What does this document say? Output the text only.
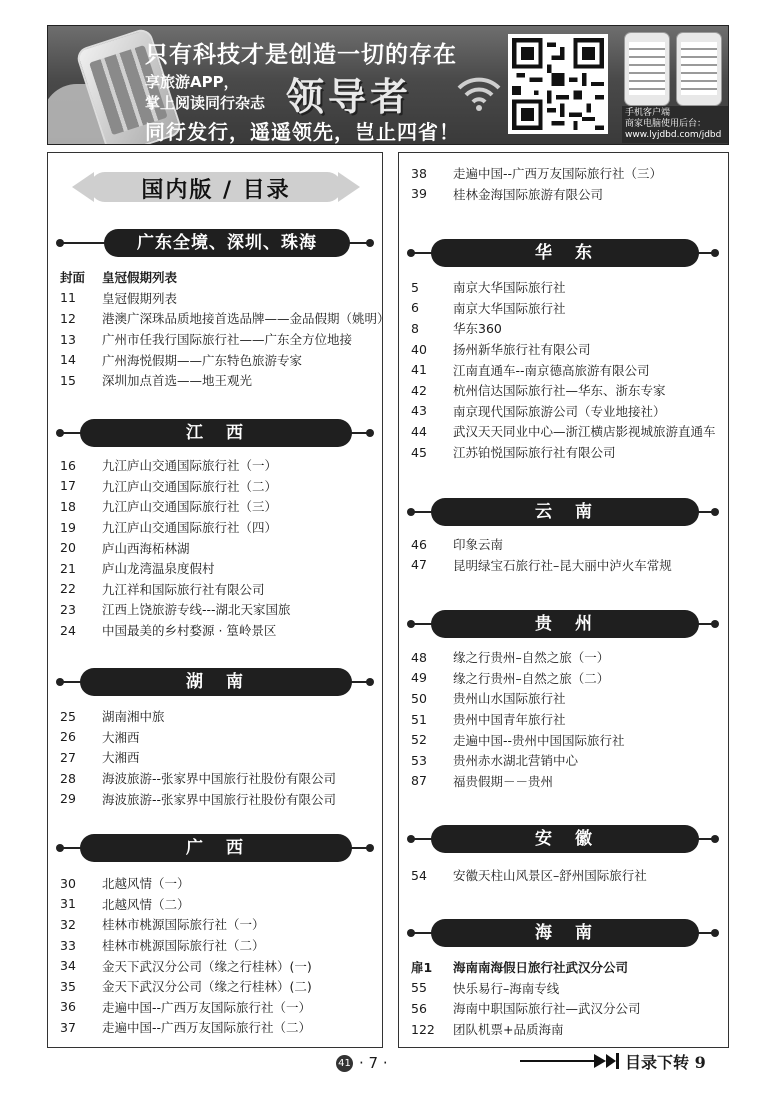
只有科技才是创造一切的存在
享旅游APP，
掌上阅读同行杂志 领导者
同行发行，遥遥领先，岂止四省！
手机客户端
商家电脑使用后台：
www.lyjdbd.com/jdbd
国内版 / 目录
广东全境、深圳、珠海
封面	皇冠假期列表
11	皇冠假期列表
12	港澳广深珠品质地接首选品牌——金品假期（姚明）
13	广州市任我行国际旅行社——广东全方位地接
14	广州海悦假期——广东特色旅游专家
15	深圳加点首选——地王观光
江　西
16	九江庐山交通国际旅行社（一）
17	九江庐山交通国际旅行社（二）
18	九江庐山交通国际旅行社（三）
19	九江庐山交通国际旅行社（四）
20	庐山西海柘林湖
21	庐山龙湾温泉度假村
22	九江祥和国际旅行社有限公司
23	江西上饶旅游专线---湖北天家国旅
24	中国最美的乡村婺源 · 篁岭景区
湖　南
25	湖南湘中旅
26	大湘西
27	大湘西
28	海波旅游--张家界中国旅行社股份有限公司
29	海波旅游--张家界中国旅行社股份有限公司
广　西
30	北越风情（一）
31	北越风情（二）
32	桂林市桃源国际旅行社（一）
33	桂林市桃源国际旅行社（二）
34	金天下武汉分公司（缘之行桂林）(一)
35	金天下武汉分公司（缘之行桂林）(二)
36	走遍中国--广西万友国际旅行社（一）
37	走遍中国--广西万友国际旅行社（二）
38	走遍中国--广西万友国际旅行社（三）
39	桂林金海国际旅游有限公司
华　东
5	南京大华国际旅行社
6	南京大华国际旅行社
8	华东360
40	扬州新华旅行社有限公司
41	江南直通车--南京德高旅游有限公司
42	杭州信达国际旅行社—华东、浙东专家
43	南京现代国际旅游公司（专业地接社）
44	武汉天天同业中心—浙江横店影视城旅游直通车
45	江苏铂悦国际旅行社有限公司
云　南
46	印象云南
47	昆明绿宝石旅行社–昆大丽中泸火车常规
贵　州
48	缘之行贵州–自然之旅（一）
49	缘之行贵州–自然之旅（二）
50	贵州山水国际旅行社
51	贵州中国青年旅行社
52	走遍中国--贵州中国国际旅行社
53	贵州赤水湖北营销中心
87	福贵假期－－贵州
安　徽
54	安徽天柱山风景区–舒州国际旅行社
海　南
扉1	海南南海假日旅行社武汉分公司
55	快乐易行–海南专线
56	海南中职国际旅行社—武汉分公司
122	团队机票+品质海南
41 · 7 ·	目录下转 9
